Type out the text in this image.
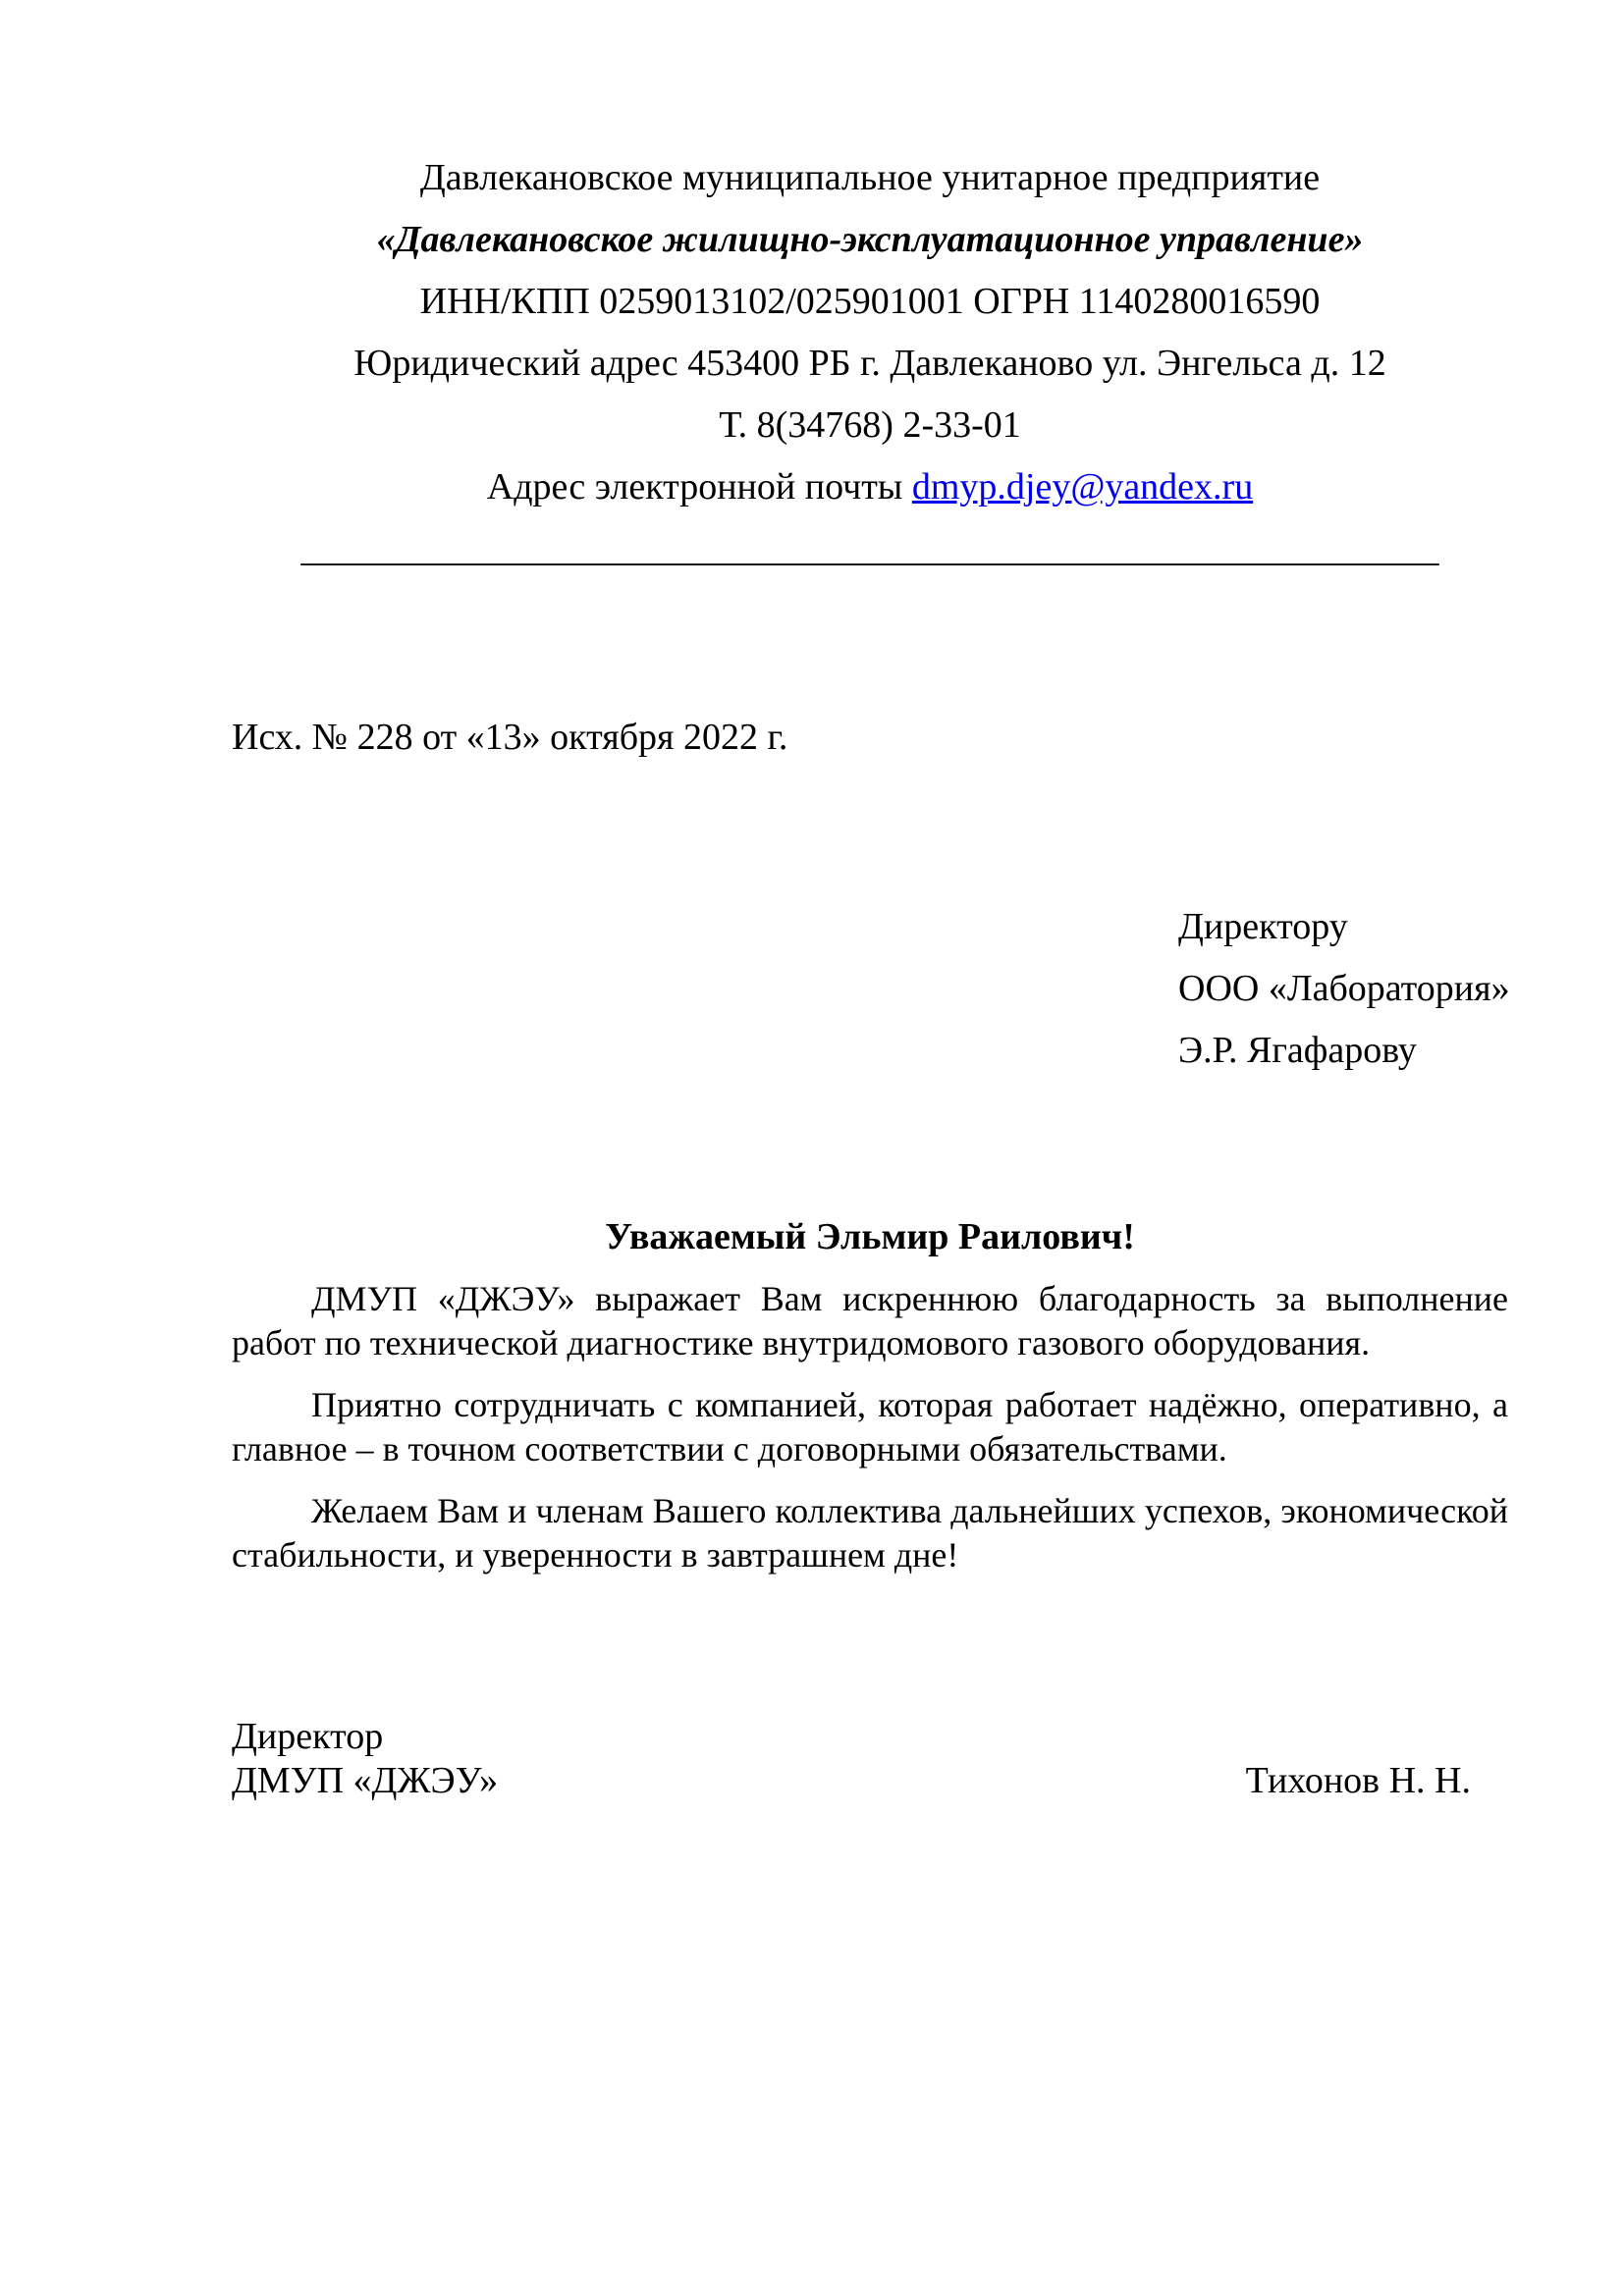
Давлекановское муниципальное унитарное предприятие

«Давлекановское жилищно-эксплуатационное управление»

ИНН/КПП 0259013102/025901001 ОГРН 1140280016590

Юридический адрес 453400 РБ г. Давлеканово ул. Энгельса д. 12

Т. 8(34768) 2-33-01

Адрес электронной почты dmyp.djey@yandex.ru

_____________________________________________________________

Исх. № 228 от «13» октября 2022 г.

Директору

ООО «Лаборатория»

Э.Р. Ягафарову

Уважаемый Эльмир Раилович!

ДМУП «ДЖЭУ» выражает Вам искреннюю благодарность за выполнение работ по технической диагностике внутридомового газового оборудования.

Приятно сотрудничать с компанией, которая работает надёжно, оперативно, а главное – в точном соответствии с договорными обязательствами.

Желаем Вам и членам Вашего коллектива дальнейших успехов, экономической стабильности, и уверенности в завтрашнем дне!

Директор

ДМУП «ДЖЭУ»	Тихонов Н. Н.
